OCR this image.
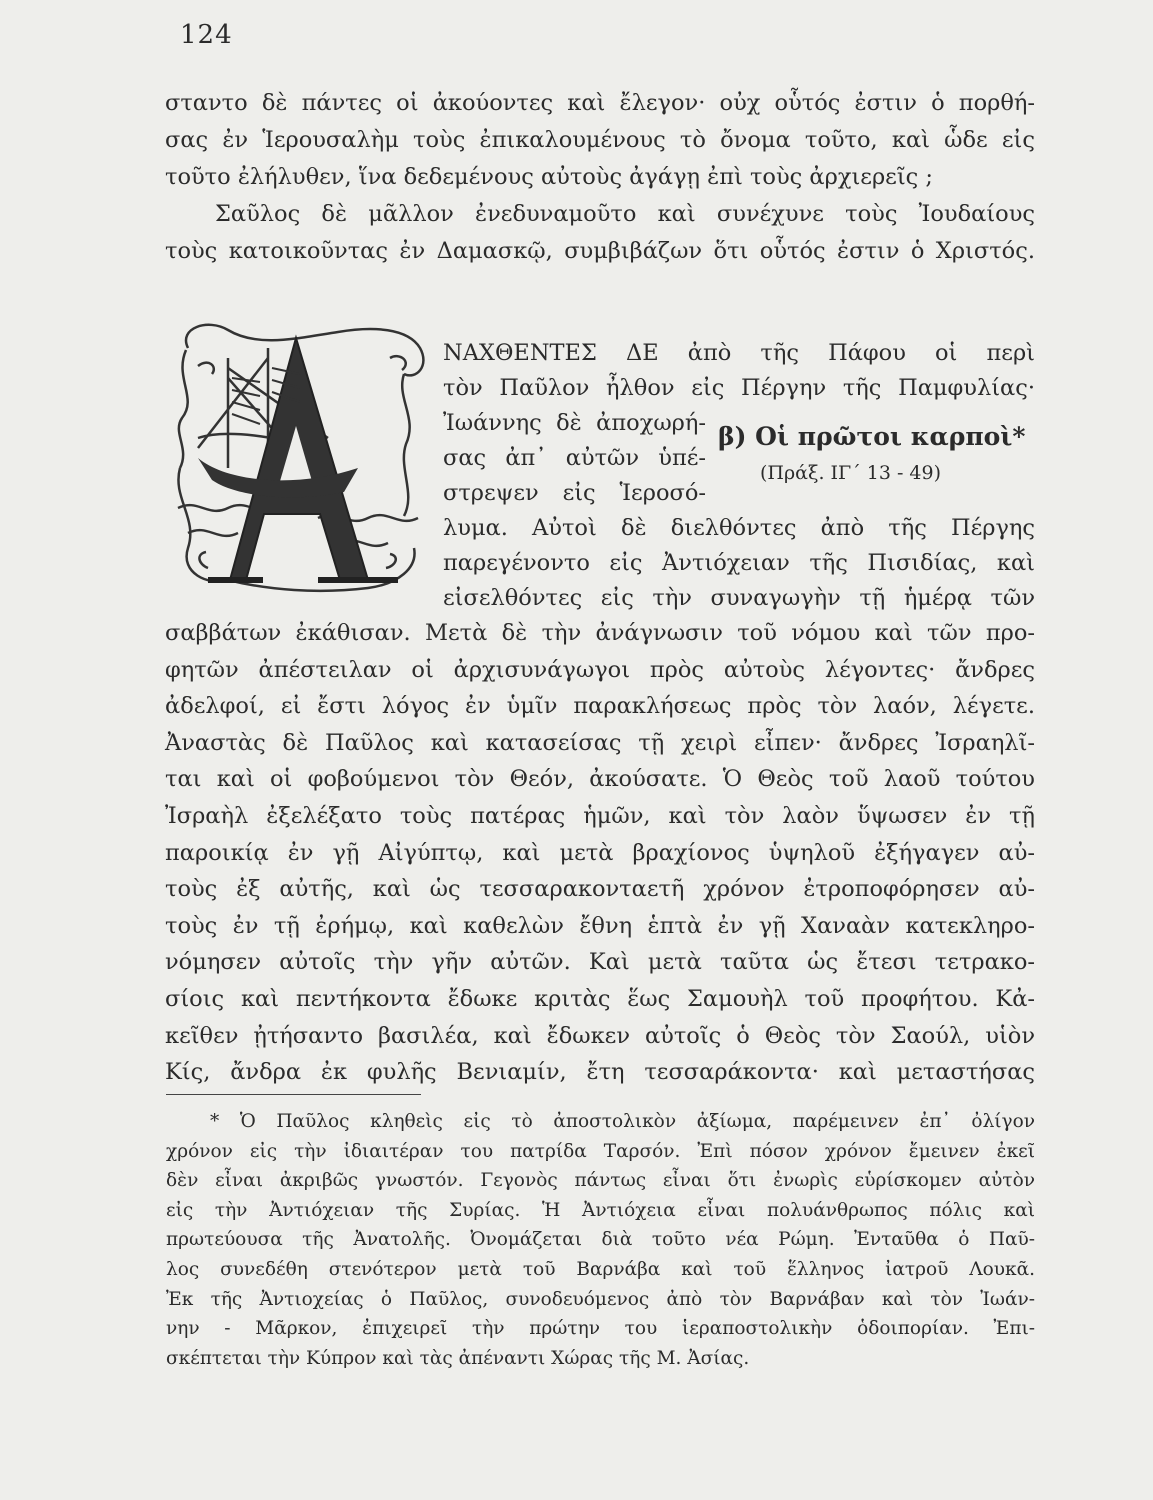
124
σταντο δὲ πάντες οἱ ἀκούοντες καὶ ἔλεγον· οὐχ οὗτός ἐστιν ὁ πορθή-
σας ἐν Ἱερουσαλὴμ τοὺς ἐπικαλουμένους τὸ ὄνομα τοῦτο, καὶ ὧδε εἰς
τοῦτο ἐλήλυθεν, ἵνα δεδεμένους αὐτοὺς ἀγάγῃ ἐπὶ τοὺς ἀρχιερεῖς ;
Σαῦλος δὲ μᾶλλον ἐνεδυναμοῦτο καὶ συνέχυνε τοὺς Ἰουδαίους
τοὺς κατοικοῦντας ἐν Δαμασκῷ, συμβιβάζων ὅτι οὗτός ἐστιν ὁ Χριστός.
ΝΑΧΘΕΝΤΕΣ ΔΕ ἀπὸ τῆς Πάφου οἱ περὶ
τὸν Παῦλον ἦλθον εἰς Πέργην τῆς Παμφυλίας·
Ἰωάννης δὲ ἀποχωρή-
σας ἀπ᾿ αὐτῶν ὑπέ-
στρεψεν εἰς Ἱεροσό-
β) Οἱ πρῶτοι καρποὶ*
(Πράξ. ΙΓ΄ 13 - 49)
λυμα. Αὐτοὶ δὲ διελθόντες ἀπὸ τῆς Πέργης
παρεγένοντο εἰς Ἀντιόχειαν τῆς Πισιδίας, καὶ
εἰσελθόντες εἰς τὴν συναγωγὴν τῇ ἡμέρᾳ τῶν
σαββάτων ἐκάθισαν. Μετὰ δὲ τὴν ἀνάγνωσιν τοῦ νόμου καὶ τῶν προ-
φητῶν ἀπέστειλαν οἱ ἀρχισυνάγωγοι πρὸς αὐτοὺς λέγοντες· ἄνδρες
ἀδελφοί, εἰ ἔστι λόγος ἐν ὑμῖν παρακλήσεως πρὸς τὸν λαόν, λέγετε.
Ἀναστὰς δὲ Παῦλος καὶ κατασείσας τῇ χειρὶ εἶπεν· ἄνδρες Ἰσραηλῖ-
ται καὶ οἱ φοβούμενοι τὸν Θεόν, ἀκούσατε. Ὁ Θεὸς τοῦ λαοῦ τούτου
Ἰσραὴλ ἐξελέξατο τοὺς πατέρας ἡμῶν, καὶ τὸν λαὸν ὕψωσεν ἐν τῇ
παροικίᾳ ἐν γῇ Αἰγύπτῳ, καὶ μετὰ βραχίονος ὑψηλοῦ ἐξήγαγεν αὐ-
τοὺς ἐξ αὐτῆς, καὶ ὡς τεσσαρακονταετῆ χρόνον ἐτροποφόρησεν αὐ-
τοὺς ἐν τῇ ἐρήμῳ, καὶ καθελὼν ἔθνη ἑπτὰ ἐν γῇ Χαναὰν κατεκληρο-
νόμησεν αὐτοῖς τὴν γῆν αὐτῶν. Καὶ μετὰ ταῦτα ὡς ἔτεσι τετρακο-
σίοις καὶ πεντήκοντα ἔδωκε κριτὰς ἕως Σαμουὴλ τοῦ προφήτου. Κἀ-
κεῖθεν ᾐτήσαντο βασιλέα, καὶ ἔδωκεν αὐτοῖς ὁ Θεὸς τὸν Σαούλ, υἱὸν
Κίς, ἄνδρα ἐκ φυλῆς Βενιαμίν, ἔτη τεσσαράκοντα· καὶ μεταστήσας
* Ὁ Παῦλος κληθεὶς εἰς τὸ ἀποστολικὸν ἀξίωμα, παρέμεινεν ἐπ᾿ ὀλίγον
χρόνον εἰς τὴν ἰδιαιτέραν του πατρίδα Ταρσόν. Ἐπὶ πόσον χρόνον ἔμεινεν ἐκεῖ
δὲν εἶναι ἀκριβῶς γνωστόν. Γεγονὸς πάντως εἶναι ὅτι ἐνωρὶς εὑρίσκομεν αὐτὸν
εἰς τὴν Ἀντιόχειαν τῆς Συρίας. Ἡ Ἀντιόχεια εἶναι πολυάνθρωπος πόλις καὶ
πρωτεύουσα τῆς Ἀνατολῆς. Ὀνομάζεται διὰ τοῦτο νέα Ρώμη. Ἐνταῦθα ὁ Παῦ-
λος συνεδέθη στενότερον μετὰ τοῦ Βαρνάβα καὶ τοῦ ἕλληνος ἰατροῦ Λουκᾶ.
Ἐκ τῆς Ἀντιοχείας ὁ Παῦλος, συνοδευόμενος ἀπὸ τὸν Βαρνάβαν καὶ τὸν Ἰωάν-
νην - Μᾶρκον, ἐπιχειρεῖ τὴν πρώτην του ἱεραποστολικὴν ὁδοιπορίαν. Ἐπι-
σκέπτεται τὴν Κύπρον καὶ τὰς ἀπέναντι Χώρας τῆς Μ. Ἀσίας.
